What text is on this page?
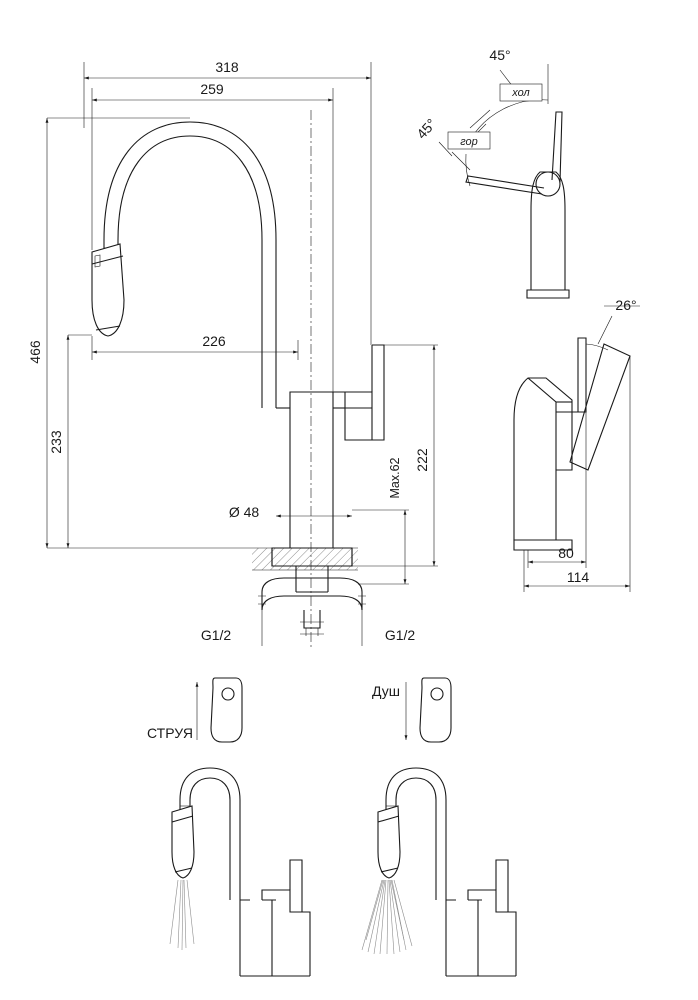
318
259
226
466
233
222
Max.62
Ø 48
G1/2	G1/2
45°
45°
хол
гор
26°
80
114
СТРУЯ
Душ
